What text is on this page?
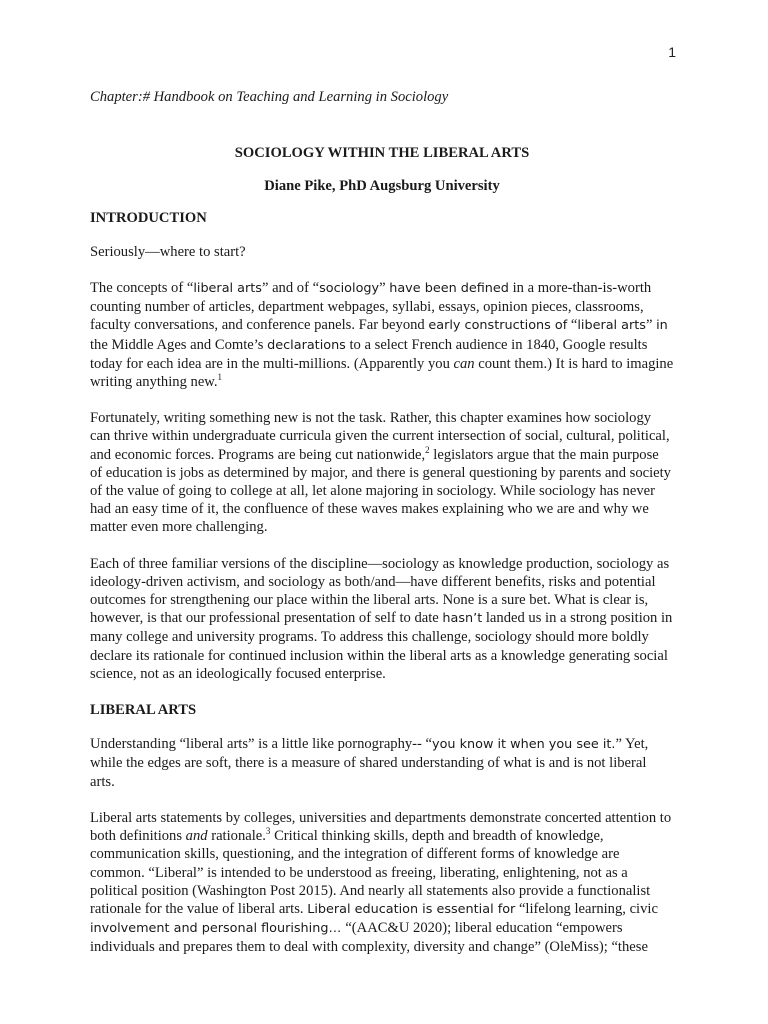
1

Chapter:# Handbook on Teaching and Learning in Sociology

SOCIOLOGY WITHIN THE LIBERAL ARTS

Diane Pike, PhD Augsburg University

INTRODUCTION

Seriously—where to start?

The concepts of “liberal arts” and of “sociology” have been defined in a more-than-is-worth counting number of articles, department webpages, syllabi, essays, opinion pieces, classrooms, faculty conversations, and conference panels. Far beyond early constructions of “liberal arts” in the Middle Ages and Comte’s declarations to a select French audience in 1840, Google results today for each idea are in the multi-millions. (Apparently you can count them.) It is hard to imagine writing anything new.$^1$

Fortunately, writing something new is not the task. Rather, this chapter examines how sociology can thrive within undergraduate curricula given the current intersection of social, cultural, political, and economic forces. Programs are being cut nationwide,$^2$ legislators argue that the main purpose of education is jobs as determined by major, and there is general questioning by parents and society of the value of going to college at all, let alone majoring in sociology. While sociology has never had an easy time of it, the confluence of these waves makes explaining who we are and why we matter even more challenging.

Each of three familiar versions of the discipline—sociology as knowledge production, sociology as ideology-driven activism, and sociology as both/and—have different benefits, risks and potential outcomes for strengthening our place within the liberal arts. None is a sure bet. What is clear is, however, is that our professional presentation of self to date hasn’t landed us in a strong position in many college and university programs. To address this challenge, sociology should more boldly declare its rationale for continued inclusion within the liberal arts as a knowledge generating social science, not as an ideologically focused enterprise.

LIBERAL ARTS

Understanding “liberal arts” is a little like pornography-- “you know it when you see it.” Yet, while the edges are soft, there is a measure of shared understanding of what is and is not liberal arts.

Liberal arts statements by colleges, universities and departments demonstrate concerted attention to both definitions and rationale.$^3$ Critical thinking skills, depth and breadth of knowledge, communication skills, questioning, and the integration of different forms of knowledge are common. “Liberal” is intended to be understood as freeing, liberating, enlightening, not as a political position (Washington Post 2015). And nearly all statements also provide a functionalist rationale for the value of liberal arts. Liberal education is essential for “lifelong learning, civic involvement and personal flourishing… “(AAC&U 2020); liberal education “empowers individuals and prepares them to deal with complexity, diversity and change” (OleMiss); “these
